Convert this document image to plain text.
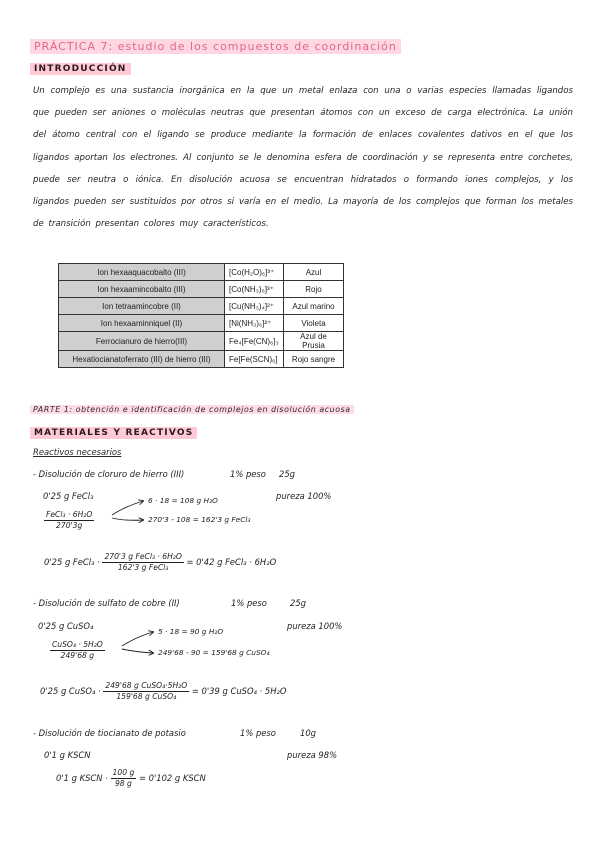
PRÁCTICA 7: estudio de los compuestos de coordinación
INTRODUCCIÓN
Un complejo es una sustancia inorgánica en la que un metal enlaza con una o varias especies llamadas ligandos que pueden ser aniones o moléculas neutras que presentan átomos con un exceso de carga electrónica. La unión del átomo central con el ligando se produce mediante la formación de enlaces covalentes dativos en el que los ligandos aportan los electrones. Al conjunto se le denomina esfera de coordinación y se representa entre corchetes, puede ser neutra o iónica. En disolución acuosa se encuentran hidratados o formando iones complejos, y los ligandos pueden ser sustituidos por otros si varía en el medio. La mayoría de los complejos que forman los metales de transición presentan colores muy característicos.
Ion hexaaquacobalto (III)	[Co(H₂O)₆]³⁺	Azul
Ion hexaamincobalto (III)	[Co(NH₃)₆]³⁺	Rojo
Ion tetraamincobre (II)	[Cu(NH₃)₄]²⁺	Azul marino
Ion hexaaminniquel (II)	[Ni(NH₃)₆]²⁺	Violeta
Ferrocianuro de hierro(III)	Fe₄[Fe(CN)₆]₃	Azul de Prusia
Hexatiocianatoferrato (III) de hierro (III)	Fe[Fe(SCN)₆]	Rojo sangre
PARTE 1: obtención e identificación de complejos en disolución acuosa
MATERIALES Y REACTIVOS
Reactivos necesarios
- Disolución de cloruro de hierro (III)	1% peso 25g
0'25 g FeCl₃	pureza 100%
$\frac{\text{FeCl₃ · 6H₂O}}{270'3g}$
6 · 18 = 108 g H₂O
270'3 - 108 = 162'3 g FeCl₃
0'25 g FeCl₃ · $\frac{\text{270'3 g FeCl₃ · 6H₂O}}{\text{162'3 g FeCl₃}} = 0'42$ g FeCl₃ · 6H₂O
- Disolución de sulfato de cobre (II)	1% peso	25g
0'25 g CuSO₄	pureza 100%
$\frac{\text{CuSO₄ · 5H₂O}}{249'68 g}$
5 · 18 = 90 g H₂O
249'68 - 90 = 159'68 g CuSO₄
0'25 g CuSO₄ · $\frac{\text{249'68 g CuSO₄·5H₂O}}{\text{159'68 g CuSO₄}} = 0'39$ g CuSO₄ · 5H₂O
- Disolución de tiocianato de potasio	1% peso	10g
0'1 g KSCN	pureza 98%
0'1 g KSCN · $\frac{100 g}{98 g} = 0'102$ g KSCN
